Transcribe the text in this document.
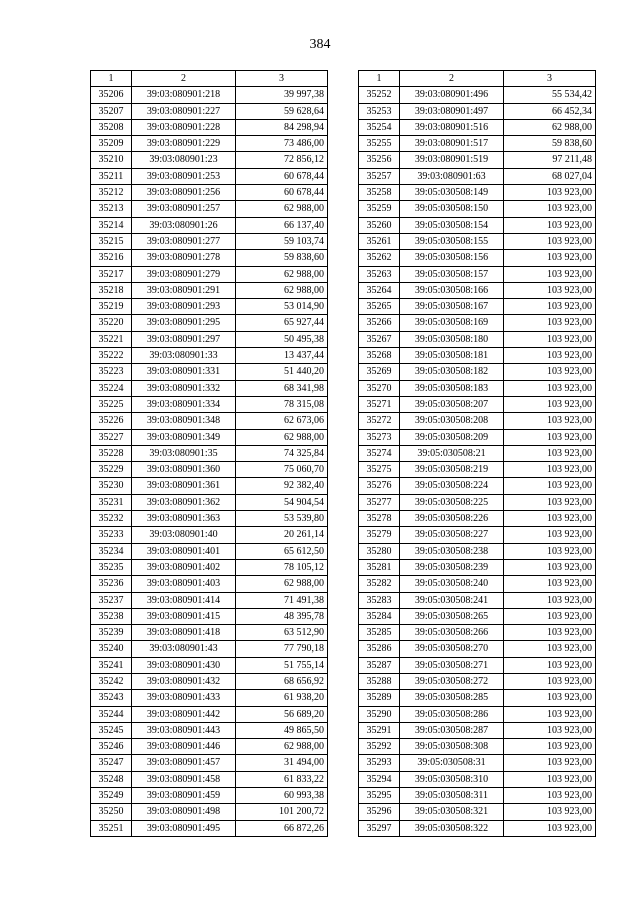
384
1	2	3
35206	39:03:080901:218	39 997,38
35207	39:03:080901:227	59 628,64
35208	39:03:080901:228	84 298,94
35209	39:03:080901:229	73 486,00
35210	39:03:080901:23	72 856,12
35211	39:03:080901:253	60 678,44
35212	39:03:080901:256	60 678,44
35213	39:03:080901:257	62 988,00
35214	39:03:080901:26	66 137,40
35215	39:03:080901:277	59 103,74
35216	39:03:080901:278	59 838,60
35217	39:03:080901:279	62 988,00
35218	39:03:080901:291	62 988,00
35219	39:03:080901:293	53 014,90
35220	39:03:080901:295	65 927,44
35221	39:03:080901:297	50 495,38
35222	39:03:080901:33	13 437,44
35223	39:03:080901:331	51 440,20
35224	39:03:080901:332	68 341,98
35225	39:03:080901:334	78 315,08
35226	39:03:080901:348	62 673,06
35227	39:03:080901:349	62 988,00
35228	39:03:080901:35	74 325,84
35229	39:03:080901:360	75 060,70
35230	39:03:080901:361	92 382,40
35231	39:03:080901:362	54 904,54
35232	39:03:080901:363	53 539,80
35233	39:03:080901:40	20 261,14
35234	39:03:080901:401	65 612,50
35235	39:03:080901:402	78 105,12
35236	39:03:080901:403	62 988,00
35237	39:03:080901:414	71 491,38
35238	39:03:080901:415	48 395,78
35239	39:03:080901:418	63 512,90
35240	39:03:080901:43	77 790,18
35241	39:03:080901:430	51 755,14
35242	39:03:080901:432	68 656,92
35243	39:03:080901:433	61 938,20
35244	39:03:080901:442	56 689,20
35245	39:03:080901:443	49 865,50
35246	39:03:080901:446	62 988,00
35247	39:03:080901:457	31 494,00
35248	39:03:080901:458	61 833,22
35249	39:03:080901:459	60 993,38
35250	39:03:080901:498	101 200,72
35251	39:03:080901:495	66 872,26
1	2	3
35252	39:03:080901:496	55 534,42
35253	39:03:080901:497	66 452,34
35254	39:03:080901:516	62 988,00
35255	39:03:080901:517	59 838,60
35256	39:03:080901:519	97 211,48
35257	39:03:080901:63	68 027,04
35258	39:05:030508:149	103 923,00
35259	39:05:030508:150	103 923,00
35260	39:05:030508:154	103 923,00
35261	39:05:030508:155	103 923,00
35262	39:05:030508:156	103 923,00
35263	39:05:030508:157	103 923,00
35264	39:05:030508:166	103 923,00
35265	39:05:030508:167	103 923,00
35266	39:05:030508:169	103 923,00
35267	39:05:030508:180	103 923,00
35268	39:05:030508:181	103 923,00
35269	39:05:030508:182	103 923,00
35270	39:05:030508:183	103 923,00
35271	39:05:030508:207	103 923,00
35272	39:05:030508:208	103 923,00
35273	39:05:030508:209	103 923,00
35274	39:05:030508:21	103 923,00
35275	39:05:030508:219	103 923,00
35276	39:05:030508:224	103 923,00
35277	39:05:030508:225	103 923,00
35278	39:05:030508:226	103 923,00
35279	39:05:030508:227	103 923,00
35280	39:05:030508:238	103 923,00
35281	39:05:030508:239	103 923,00
35282	39:05:030508:240	103 923,00
35283	39:05:030508:241	103 923,00
35284	39:05:030508:265	103 923,00
35285	39:05:030508:266	103 923,00
35286	39:05:030508:270	103 923,00
35287	39:05:030508:271	103 923,00
35288	39:05:030508:272	103 923,00
35289	39:05:030508:285	103 923,00
35290	39:05:030508:286	103 923,00
35291	39:05:030508:287	103 923,00
35292	39:05:030508:308	103 923,00
35293	39:05:030508:31	103 923,00
35294	39:05:030508:310	103 923,00
35295	39:05:030508:311	103 923,00
35296	39:05:030508:321	103 923,00
35297	39:05:030508:322	103 923,00
